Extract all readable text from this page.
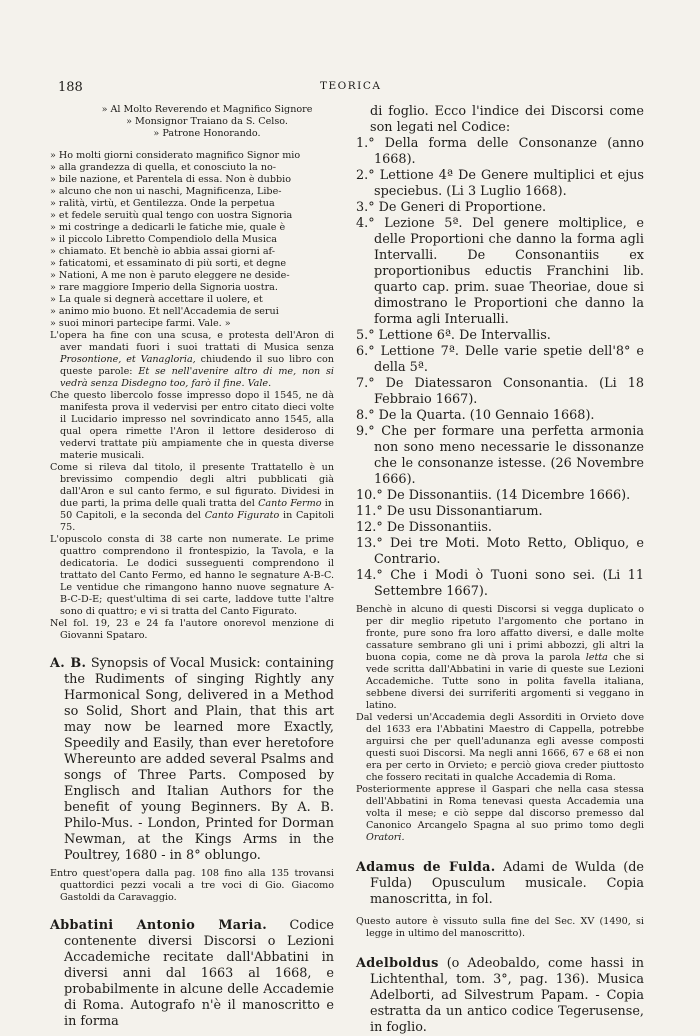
188	TEORICA

» Al Molto Reverendo et Magnifico Signore

» Monsignor Traiano da S. Celso.

» Patrone Honorando.

» Ho molti giorni considerato magnifico Signor mio

» alla grandezza di quella, et conosciuto la no-

» bile nazione, et Parentela di essa. Non è dubbio

» alcuno che non ui naschi, Magnificenza, Libe-

» ralità, virtù, et Gentilezza. Onde la perpetua

» et fedele seruitù qual tengo con uostra Signoria

» mi costringe a dedicarli le fatiche mie, quale è

» il piccolo Libretto Compendiolo della Musica

» chiamato. Et benchè io abbia assai giorni af-

» faticatomi, et essaminato di più sorti, et degne

» Nationi, A me non è paruto eleggere ne deside-

» rare maggiore Imperio della Signoria uostra.

» La quale si degnerà accettare il uolere, et

» animo mio buono. Et nell'Accademia de serui

» suoi minori partecipe farmi. Vale. »

L'opera ha fine con una scusa, e protesta dell'Aron di aver mandati fuori i suoi trattati di Musica senza Prosontione, et Vanagloria, chiudendo il suo libro con queste parole: Et se nell'avenire altro di me, non si vedrà senza Disdegno too, farò il fine. Vale.

Che questo libercolo fosse impresso dopo il 1545, ne dà manifesta prova il vedervisi per entro citato dieci volte il Lucidario impresso nel sovrindicato anno 1545, alla qual opera rimette l'Aron il lettore desideroso di vedervi trattate più ampiamente che in questa diverse materie musicali.

Come si rileva dal titolo, il presente Trattatello è un brevissimo compendio degli altri pubblicati già dall'Aron e sul canto fermo, e sul figurato. Dividesi in due parti, la prima delle quali tratta del Canto Fermo in 50 Capitoli, e la seconda del Canto Figurato in Capitoli 75.

L'opuscolo consta di 38 carte non numerate. Le prime quattro comprendono il frontespizio, la Tavola, e la dedicatoria. Le dodici susseguenti comprendono il trattato del Canto Fermo, ed hanno le segnature A-B-C. Le ventidue che rimangono hanno nuove segnature A-B-C-D-E; quest'ultima di sei carte, laddove tutte l'altre sono di quattro; e vi si tratta del Canto Figurato.

Nel fol. 19, 23 e 24 fa l'autore onorevol menzione di Giovanni Spataro.

A. B. Synopsis of Vocal Musick: containing the Rudiments of singing Rightly any Harmonical Song, delivered in a Method so Solid, Short and Plain, that this art may now be learned more Exactly, Speedily and Easily, than ever heretofore Whereunto are added several Psalms and songs of Three Parts. Composed by Englisch and Italian Authors for the benefit of young Beginners. By A. B. Philo-Mus. - London, Printed for Dorman Newman, at the Kings Arms in the Poultrey, 1680 - in 8° oblungo.

Entro quest'opera dalla pag. 108 fino alla 135 trovansi quattordici pezzi vocali a tre voci di Gio. Giacomo Gastoldi da Caravaggio.

Abbatini Antonio Maria. Codice contenente diversi Discorsi o Lezioni Accademiche recitate dall'Abbatini in diversi anni dal 1663 al 1668, e probabilmente in alcune delle Accademie di Roma. Autografo n'è il manoscritto e in forma

di foglio. Ecco l'indice dei Discorsi come son legati nel Codice:

1.° Della forma delle Consonanze (anno 1668).

2.° Lettione 4ª De Genere multiplici et ejus speciebus. (Li 3 Luglio 1668).

3.° De Generi di Proportione.

4.° Lezione 5ª. Del genere moltiplice, e delle Proportioni che danno la forma agli Intervalli. De Consonantiis ex proportionibus eductis Franchini lib. quarto cap. prim. suae Theoriae, doue si dimostrano le Proportioni che danno la forma agli Interualli.

5.° Lettione 6ª. De Intervallis.

6.° Lettione 7ª. Delle varie spetie dell'8° e della 5ª.

7.° De Diatessaron Consonantia. (Li 18 Febbraio 1667).

8.° De la Quarta. (10 Gennaio 1668).

9.° Che per formare una perfetta armonia non sono meno necessarie le dissonanze che le consonanze istesse. (26 Novembre 1666).

10.° De Dissonantiis. (14 Dicembre 1666).

11.° De usu Dissonantiarum.

12.° De Dissonantiis.

13.° Dei tre Moti. Moto Retto, Obliquo, e Contrario.

14.° Che i Modi ò Tuoni sono sei. (Li 11 Settembre 1667).

Benchè in alcuno di questi Discorsi si vegga duplicato o per dir meglio ripetuto l'argomento che portano in fronte, pure sono fra loro affatto diversi, e dalle molte cassature sembrano gli uni i primi abbozzi, gli altri la buona copia, come ne dà prova la parola letta che si vede scritta dall'Abbatini in varie di queste sue Lezioni Accademiche. Tutte sono in polita favella italiana, sebbene diversi dei surriferiti argomenti si veggano in latino.

Dal vedersi un'Accademia degli Assorditi in Orvieto dove del 1633 era l'Abbatini Maestro di Cappella, potrebbe arguirsi che per quell'adunanza egli avesse composti questi suoi Discorsi. Ma negli anni 1666, 67 e 68 ei non era per certo in Orvieto; e perciò giova creder piuttosto che fossero recitati in qualche Accademia di Roma.

Posteriormente apprese il Gaspari che nella casa stessa dell'Abbatini in Roma tenevasi questa Accademia una volta il mese; e ciò seppe dal discorso premesso dal Canonico Arcangelo Spagna al suo primo tomo degli Oratori.

Adamus de Fulda. Adami de Wulda (de Fulda) Opusculum musicale. Copia manoscritta, in fol.

Questo autore è vissuto sulla fine del Sec. XV (1490, si legge in ultimo del manoscritto).

Adelboldus (o Adeobaldo, come hassi in Lichtenthal, tom. 3°, pag. 136). Musica Adelborti, ad Silvestrum Papam. - Copia estratta da un antico codice Tegerusense, in foglio.
